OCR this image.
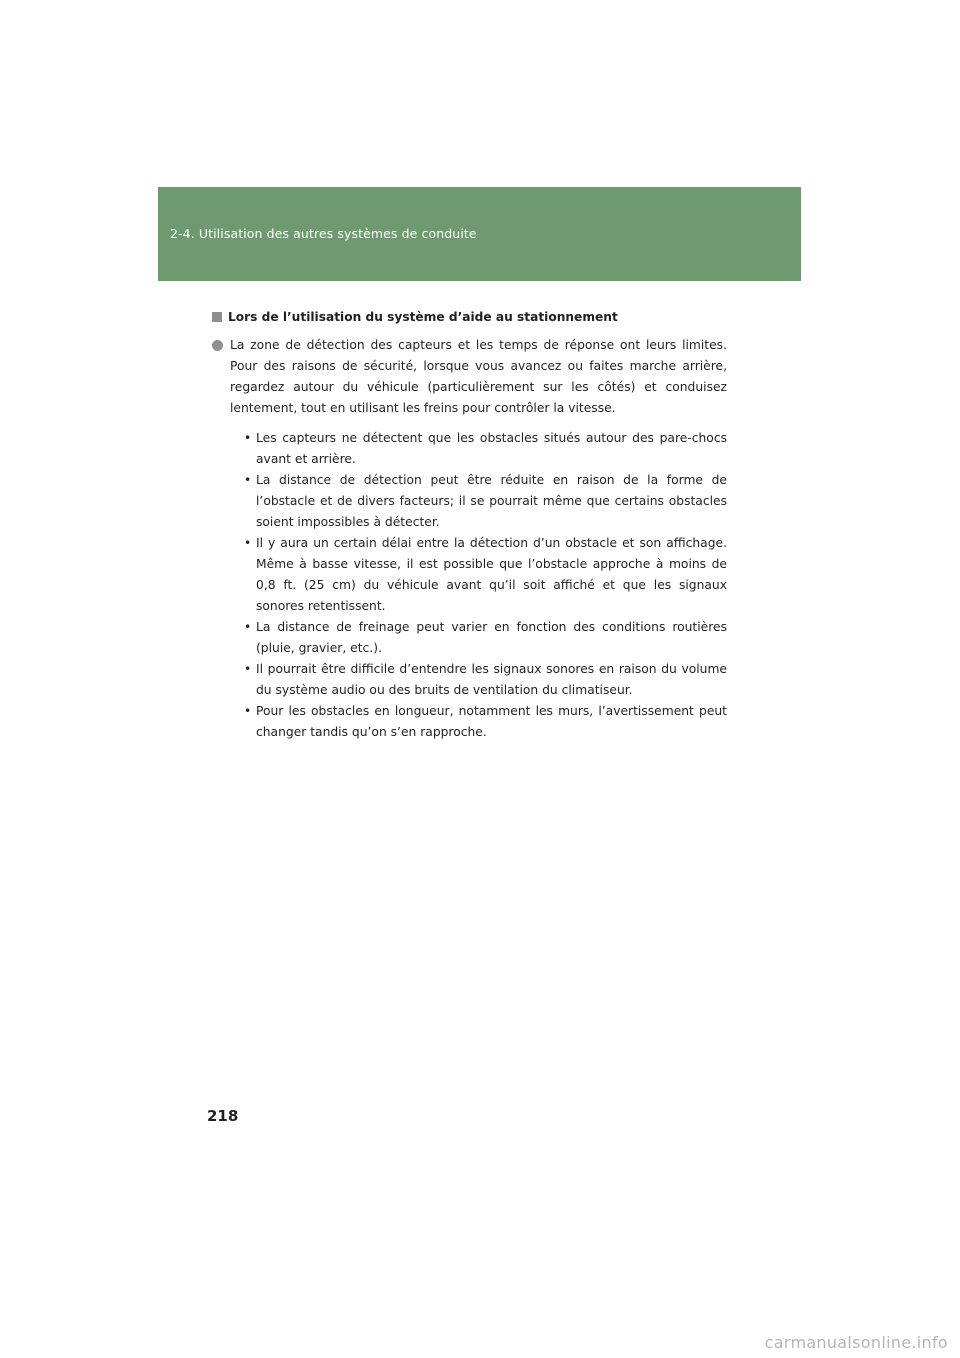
2-4. Utilisation des autres systèmes de conduite
Lors de l’utilisation du système d’aide au stationnement
La zone de détection des capteurs et les temps de réponse ont leurs limites. Pour des raisons de sécurité, lorsque vous avancez ou faites marche arrière, regardez autour du véhicule (particulièrement sur les côtés) et conduisez lentement, tout en utilisant les freins pour contrôler la vitesse.
• Les capteurs ne détectent que les obstacles situés autour des pare-chocs avant et arrière.
• La distance de détection peut être réduite en raison de la forme de l’obstacle et de divers facteurs; il se pourrait même que certains obstacles soient impossibles à détecter.
• Il y aura un certain délai entre la détection d’un obstacle et son affichage. Même à basse vitesse, il est possible que l’obstacle approche à moins de 0,8 ft. (25 cm) du véhicule avant qu’il soit affiché et que les signaux sonores retentissent.
• La distance de freinage peut varier en fonction des conditions routières (pluie, gravier, etc.).
• Il pourrait être difficile d’entendre les signaux sonores en raison du volume du système audio ou des bruits de ventilation du climatiseur.
• Pour les obstacles en longueur, notamment les murs, l’avertissement peut changer tandis qu’on s’en rapproche.
218
carmanualsonline.info
